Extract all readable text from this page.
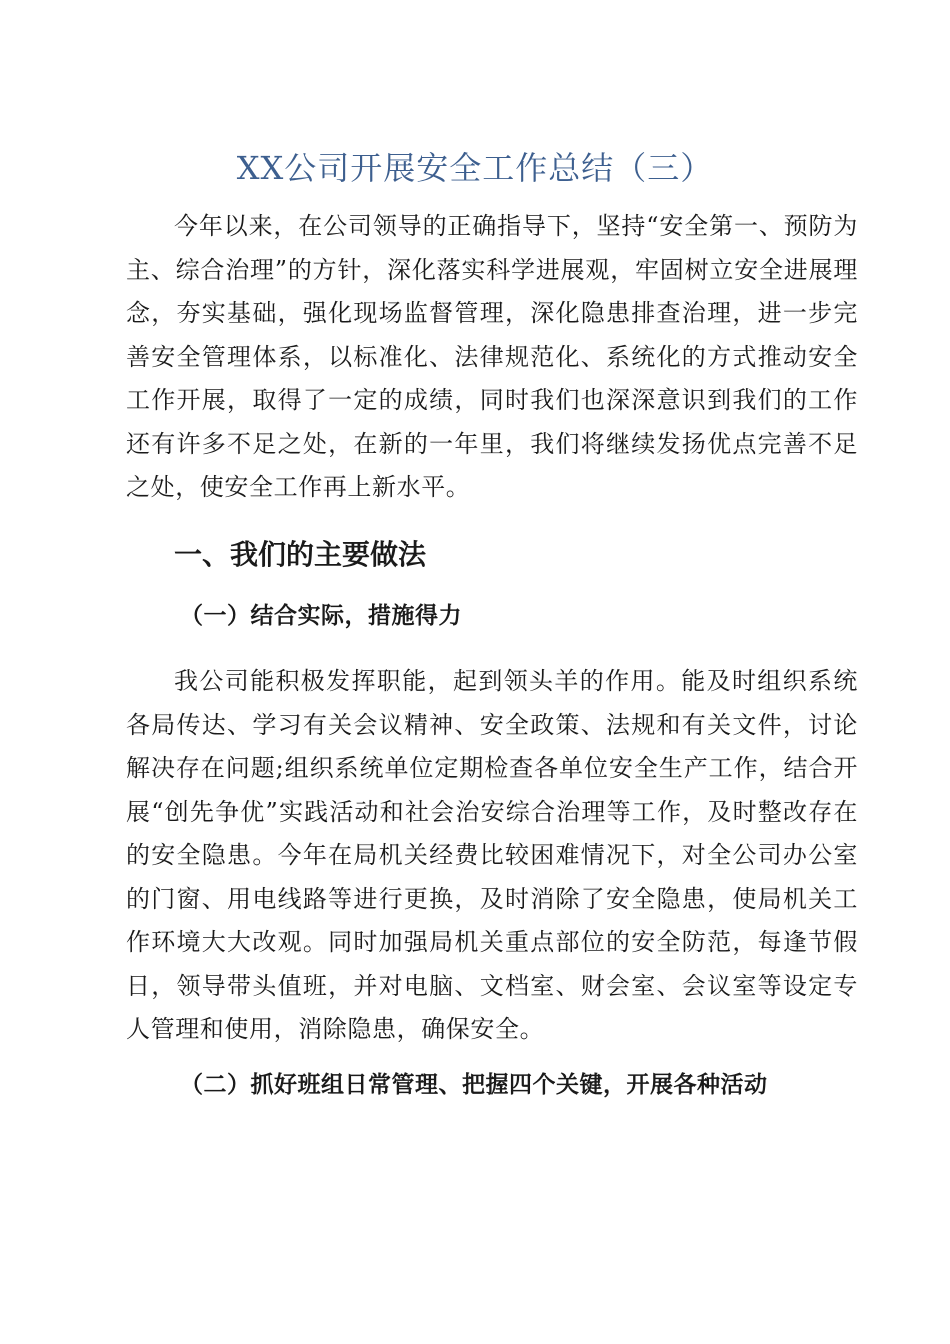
XX公司开展安全工作总结（三）

今年以来，在公司领导的正确指导下，坚持“安全第一、预防为主、综合治理”的方针，深化落实科学进展观，牢固树立安全进展理念，夯实基础，强化现场监督管理，深化隐患排查治理，进一步完善安全管理体系，以标准化、法律规范化、系统化的方式推动安全工作开展，取得了一定的成绩，同时我们也深深意识到我们的工作还有许多不足之处，在新的一年里，我们将继续发扬优点完善不足之处，使安全工作再上新水平。

一、我们的主要做法
（一）结合实际，措施得力

我公司能积极发挥职能，起到领头羊的作用。能及时组织系统各局传达、学习有关会议精神、安全政策、法规和有关文件，讨论解决存在问题;组织系统单位定期检查各单位安全生产工作，结合开展“创先争优”实践活动和社会治安综合治理等工作，及时整改存在的安全隐患。今年在局机关经费比较困难情况下，对全公司办公室的门窗、用电线路等进行更换，及时消除了安全隐患，使局机关工作环境大大改观。同时加强局机关重点部位的安全防范，每逢节假日，领导带头值班，并对电脑、文档室、财会室、会议室等设定专人管理和使用，消除隐患，确保安全。

（二）抓好班组日常管理、把握四个关键，开展各种活动
